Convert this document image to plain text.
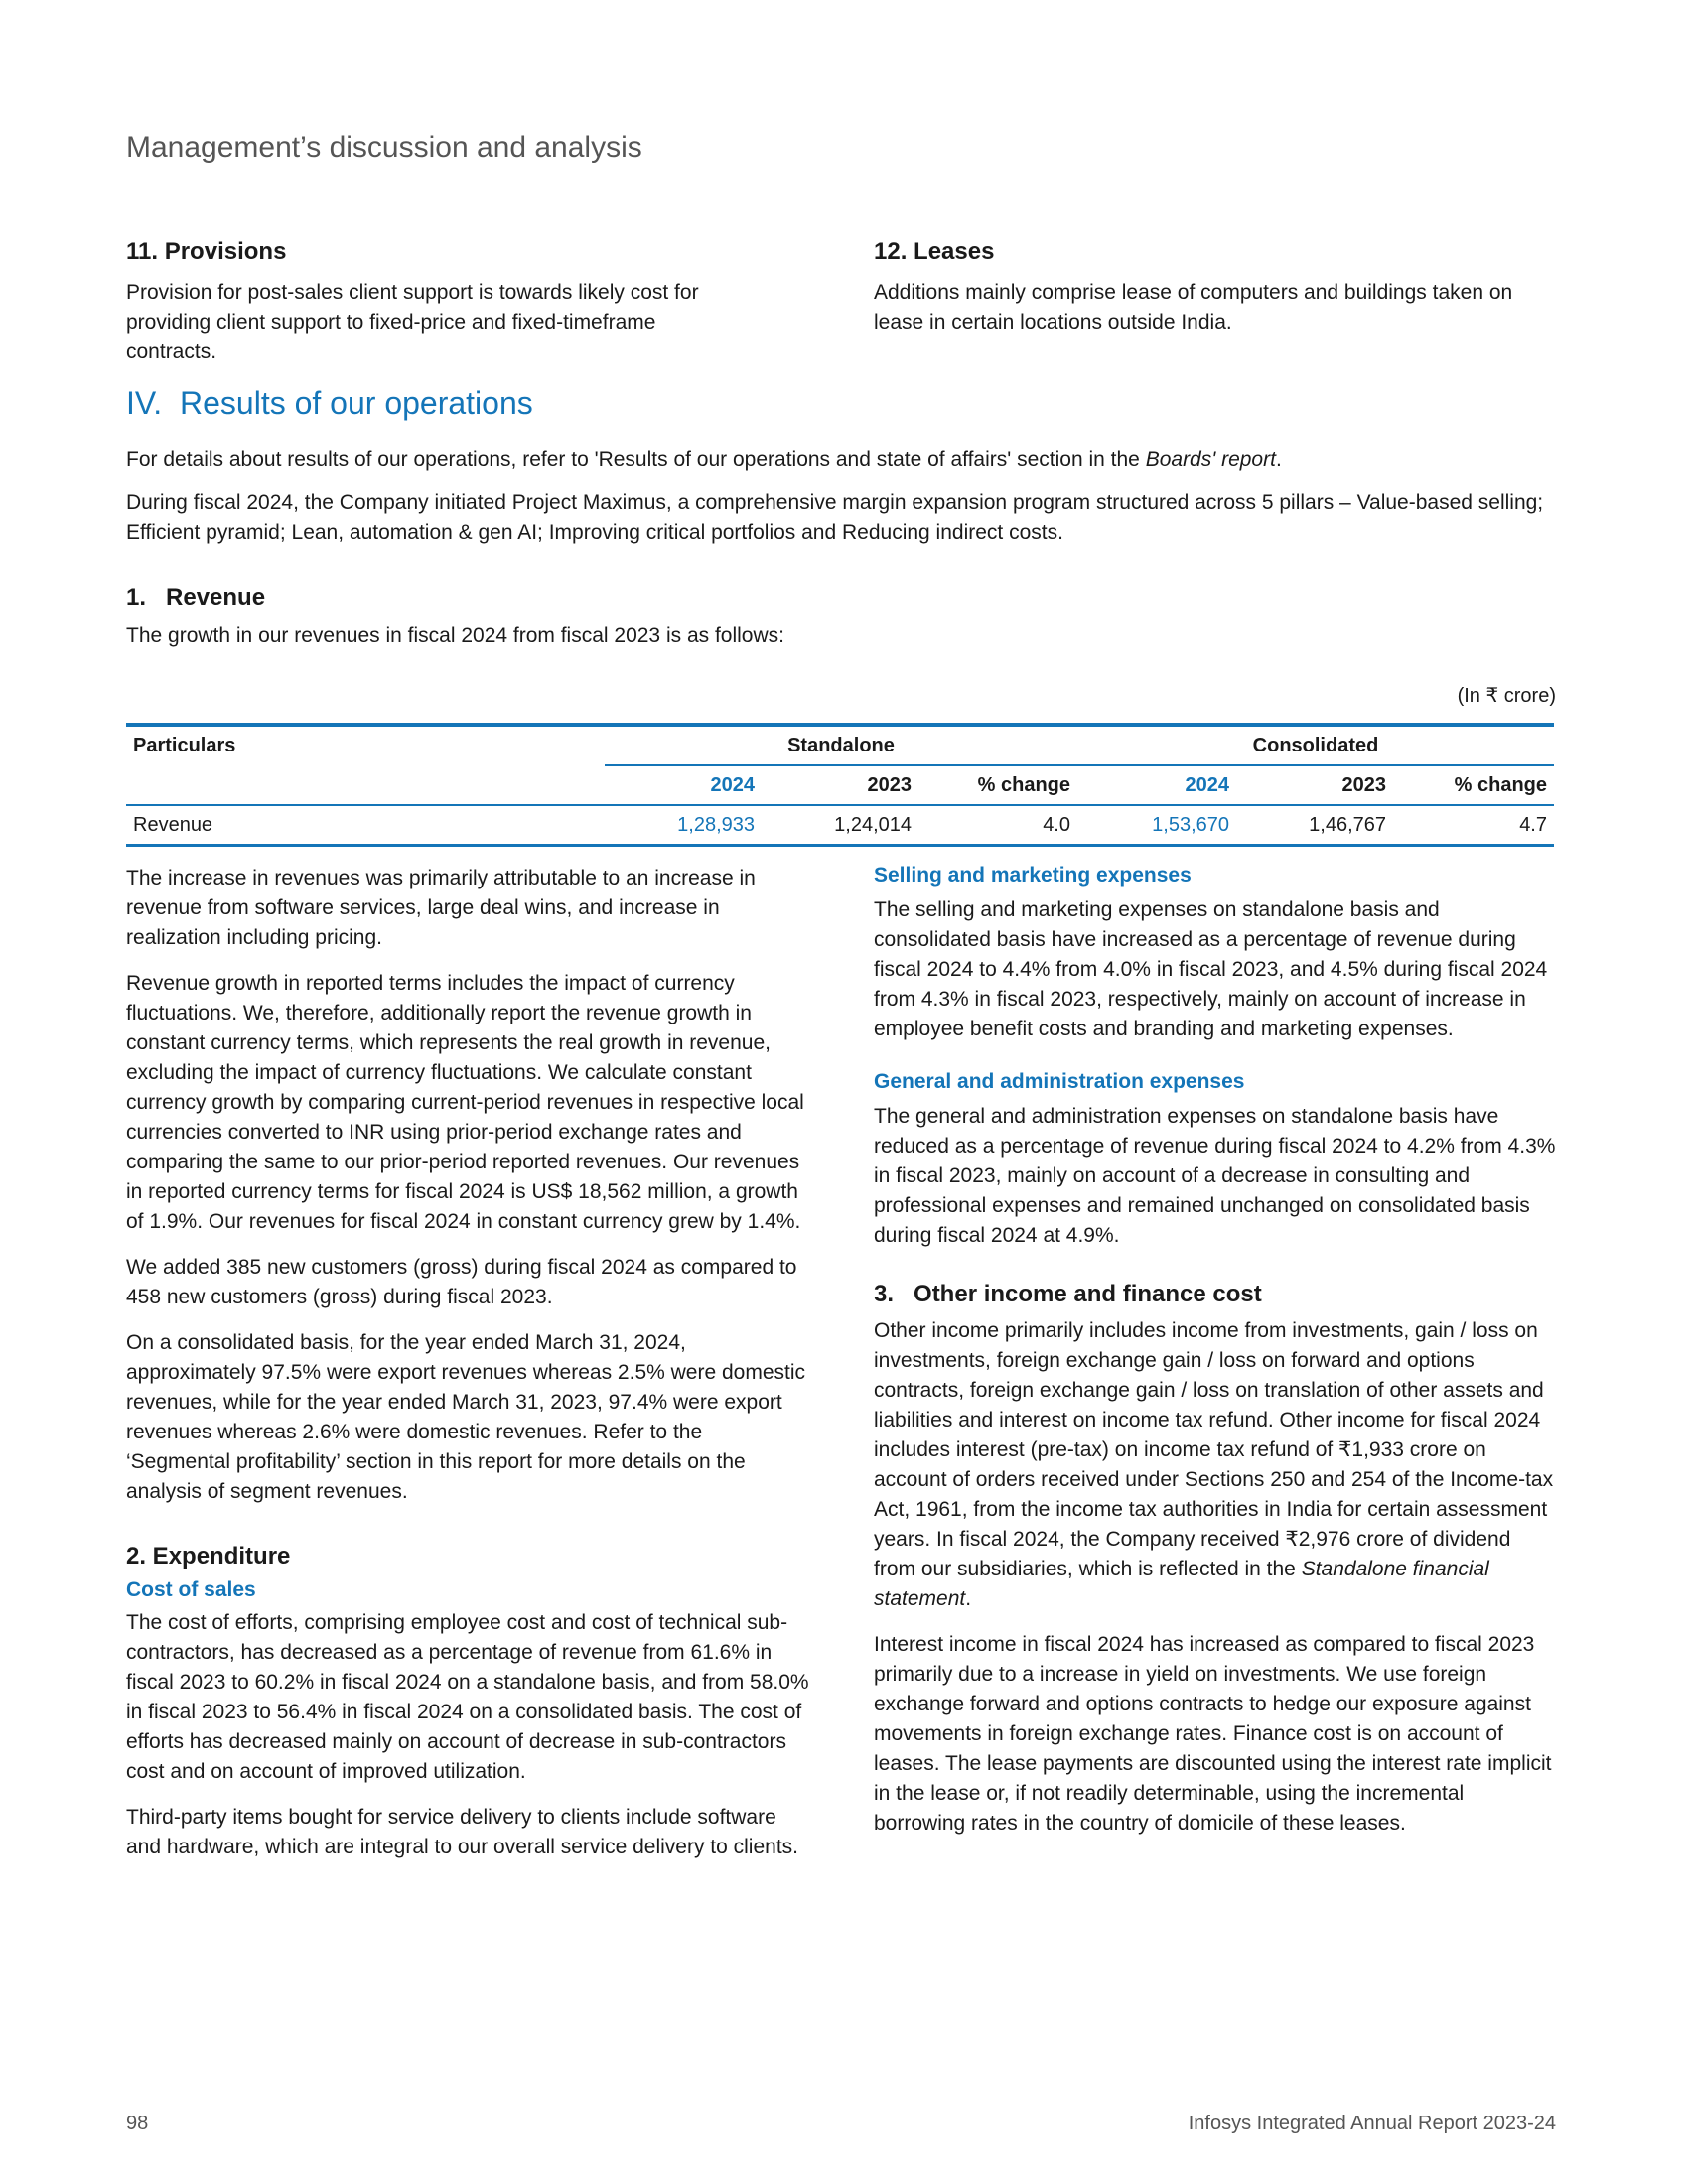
Management’s discussion and analysis
11. Provisions

Provision for post-sales client support is towards likely cost for providing client support to fixed-price and fixed-timeframe contracts.

12. Leases

Additions mainly comprise lease of computers and buildings taken on lease in certain locations outside India.

IV. Results of our operations

For details about results of our operations, refer to 'Results of our operations and state of affairs' section in the Boards' report.

During fiscal 2024, the Company initiated Project Maximus, a comprehensive margin expansion program structured across 5 pillars – Value-based selling; Efficient pyramid; Lean, automation & gen AI; Improving critical portfolios and Reducing indirect costs.

1.   Revenue

The growth in our revenues in fiscal 2024 from fiscal 2023 is as follows:

(In ₹ crore)
Particulars	Standalone			Consolidated		
	2024	2023	% change	2024	2023	% change
Revenue	1,28,933	1,24,014	4.0	1,53,670	1,46,767	4.7

The increase in revenues was primarily attributable to an increase in revenue from software services, large deal wins, and increase in realization including pricing.

Revenue growth in reported terms includes the impact of currency fluctuations. We, therefore, additionally report the revenue growth in constant currency terms, which represents the real growth in revenue, excluding the impact of currency fluctuations. We calculate constant currency growth by comparing current-period revenues in respective local currencies converted to INR using prior-period exchange rates and comparing the same to our prior-period reported revenues. Our revenues in reported currency terms for fiscal 2024 is US$ 18,562 million, a growth of 1.9%. Our revenues for fiscal 2024 in constant currency grew by 1.4%.

We added 385 new customers (gross) during fiscal 2024 as compared to 458 new customers (gross) during fiscal 2023.

On a consolidated basis, for the year ended March 31, 2024, approximately 97.5% were export revenues whereas 2.5% were domestic revenues, while for the year ended March 31, 2023, 97.4% were export revenues whereas 2.6% were domestic revenues. Refer to the ‘Segmental profitability’ section in this report for more details on the analysis of segment revenues.

2. Expenditure
Cost of sales

The cost of efforts, comprising employee cost and cost of technical sub-contractors, has decreased as a percentage of revenue from 61.6% in fiscal 2023 to 60.2% in fiscal 2024 on a standalone basis, and from 58.0% in fiscal 2023 to 56.4% in fiscal 2024 on a consolidated basis. The cost of efforts has decreased mainly on account of decrease in sub-contractors cost and on account of improved utilization.

Third-party items bought for service delivery to clients include software and hardware, which are integral to our overall service delivery to clients.

Selling and marketing expenses

The selling and marketing expenses on standalone basis and consolidated basis have increased as a percentage of revenue during fiscal 2024 to 4.4% from 4.0% in fiscal 2023, and 4.5% during fiscal 2024 from 4.3% in fiscal 2023, respectively, mainly on account of increase in employee benefit costs and branding and marketing expenses.

General and administration expenses

The general and administration expenses on standalone basis have reduced as a percentage of revenue during fiscal 2024 to 4.2% from 4.3% in fiscal 2023, mainly on account of a decrease in consulting and professional expenses and remained unchanged on consolidated basis during fiscal 2024 at 4.9%.

3.   Other income and finance cost

Other income primarily includes income from investments, gain / loss on investments, foreign exchange gain / loss on forward and options contracts, foreign exchange gain / loss on translation of other assets and liabilities and interest on income tax refund. Other income for fiscal 2024 includes interest (pre-tax) on income tax refund of ₹1,933 crore on account of orders received under Sections 250 and 254 of the Income-tax Act, 1961, from the income tax authorities in India for certain assessment years. In fiscal 2024, the Company received ₹2,976 crore of dividend from our subsidiaries, which is reflected in the Standalone financial statement.

Interest income in fiscal 2024 has increased as compared to fiscal 2023 primarily due to a increase in yield on investments. We use foreign exchange forward and options contracts to hedge our exposure against movements in foreign exchange rates. Finance cost is on account of leases. The lease payments are discounted using the interest rate implicit in the lease or, if not readily determinable, using the incremental borrowing rates in the country of domicile of these leases.

98	Infosys Integrated Annual Report 2023-24
